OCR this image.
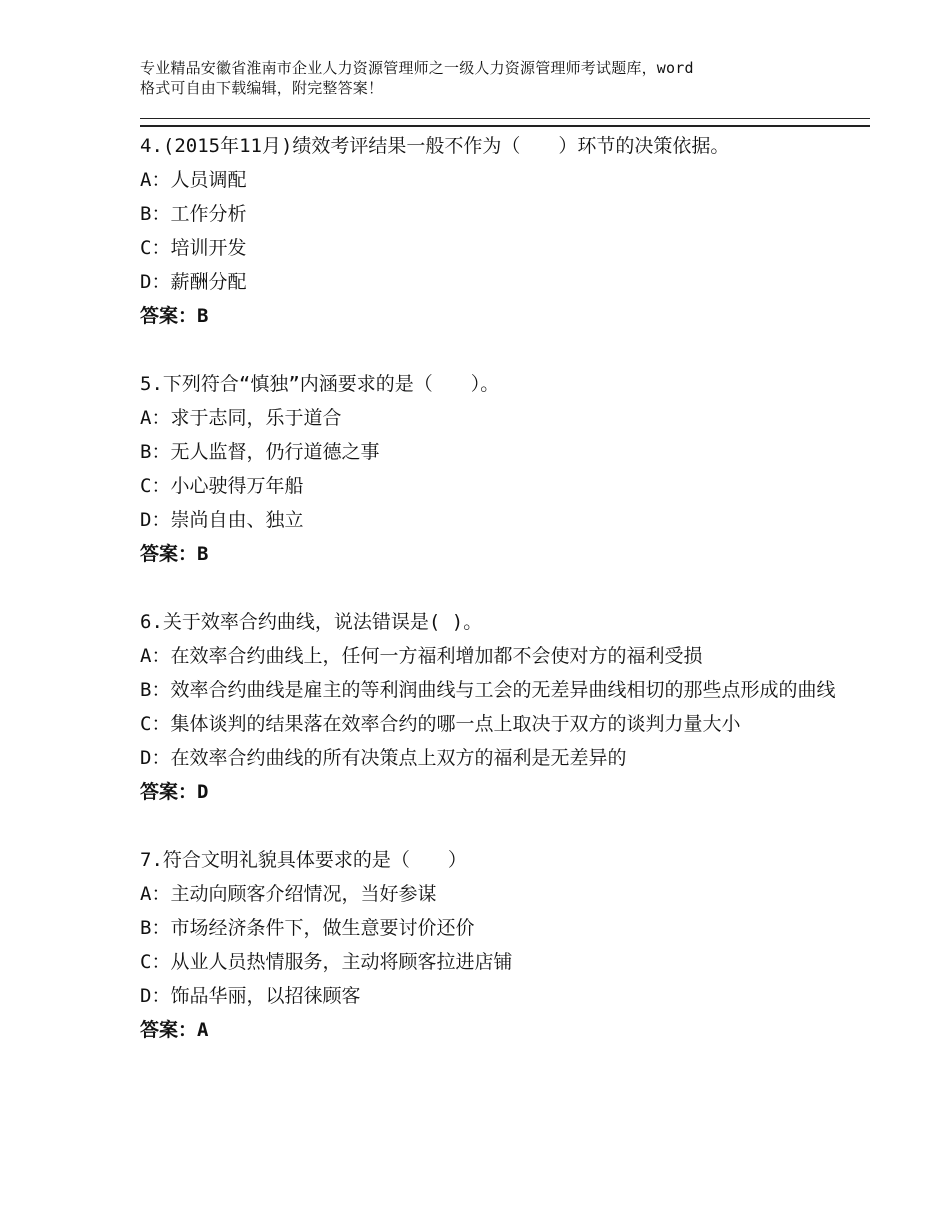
专业精品安徽省淮南市企业人力资源管理师之一级人力资源管理师考试题库，word
格式可自由下载编辑，附完整答案！
4.(2015年11月)绩效考评结果一般不作为（　　）环节的决策依据。
A：人员调配
B：工作分析
C：培训开发
D：薪酬分配
答案：B
5.下列符合“慎独”内涵要求的是（　　）。
A：求于志同，乐于道合
B：无人监督，仍行道德之事
C：小心驶得万年船
D：崇尚自由、独立
答案：B
6.关于效率合约曲线，说法错误是( )。
A：在效率合约曲线上，任何一方福利增加都不会使对方的福利受损
B：效率合约曲线是雇主的等利润曲线与工会的无差异曲线相切的那些点形成的曲线
C：集体谈判的结果落在效率合约的哪一点上取决于双方的谈判力量大小
D：在效率合约曲线的所有决策点上双方的福利是无差异的
答案：D
7.符合文明礼貌具体要求的是（　　）
A：主动向顾客介绍情况，当好参谋
B：市场经济条件下，做生意要讨价还价
C：从业人员热情服务，主动将顾客拉进店铺
D：饰品华丽，以招徕顾客
答案：A
